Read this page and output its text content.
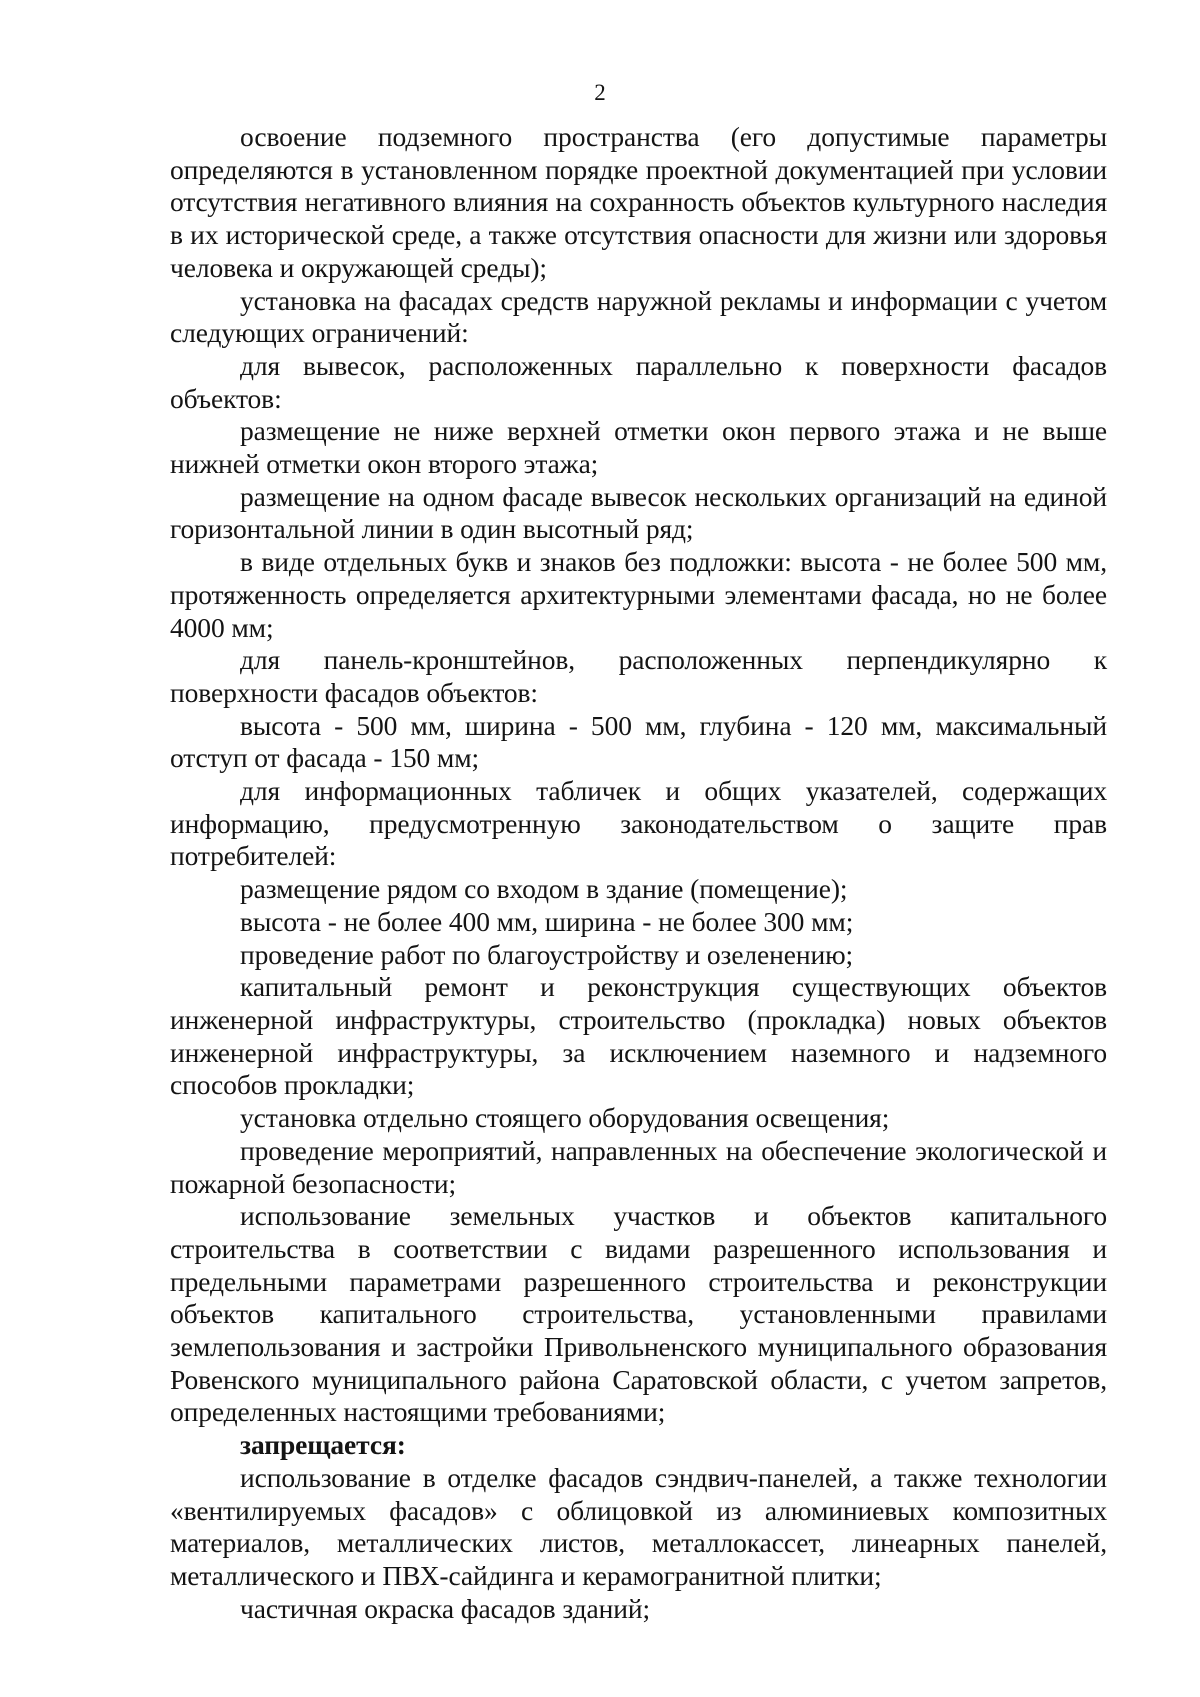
2

освоение подземного пространства (его допустимые параметры определяются в установленном порядке проектной документацией при условии отсутствия негативного влияния на сохранность объектов культурного наследия в их исторической среде, а также отсутствия опасности для жизни или здоровья человека и окружающей среды);

установка на фасадах средств наружной рекламы и информации с учетом следующих ограничений:

для вывесок, расположенных параллельно к поверхности фасадов объектов:

размещение не ниже верхней отметки окон первого этажа и не выше нижней отметки окон второго этажа;

размещение на одном фасаде вывесок нескольких организаций на единой горизонтальной линии в один высотный ряд;

в виде отдельных букв и знаков без подложки: высота - не более 500 мм, протяженность определяется архитектурными элементами фасада, но не более 4000 мм;

для панель-кронштейнов, расположенных перпендикулярно к поверхности фасадов объектов:

высота - 500 мм, ширина - 500 мм, глубина - 120 мм, максимальный отступ от фасада - 150 мм;

для информационных табличек и общих указателей, содержащих информацию, предусмотренную законодательством о защите прав потребителей:

размещение рядом со входом в здание (помещение);

высота - не более 400 мм, ширина - не более 300 мм;

проведение работ по благоустройству и озеленению;

капитальный ремонт и реконструкция существующих объектов инженерной инфраструктуры, строительство (прокладка) новых объектов инженерной инфраструктуры, за исключением наземного и надземного способов прокладки;

установка отдельно стоящего оборудования освещения;

проведение мероприятий, направленных на обеспечение экологической и пожарной безопасности;

использование земельных участков и объектов капитального строительства в соответствии с видами разрешенного использования и предельными параметрами разрешенного строительства и реконструкции объектов капитального строительства, установленными правилами землепользования и застройки Привольненского муниципального образования Ровенского муниципального района Саратовской области, с учетом запретов, определенных настоящими требованиями;

запрещается:

использование в отделке фасадов сэндвич-панелей, а также технологии «вентилируемых фасадов» с облицовкой из алюминиевых композитных материалов, металлических листов, металлокассет, линеарных панелей, металлического и ПВХ-сайдинга и керамогранитной плитки;

частичная окраска фасадов зданий;
